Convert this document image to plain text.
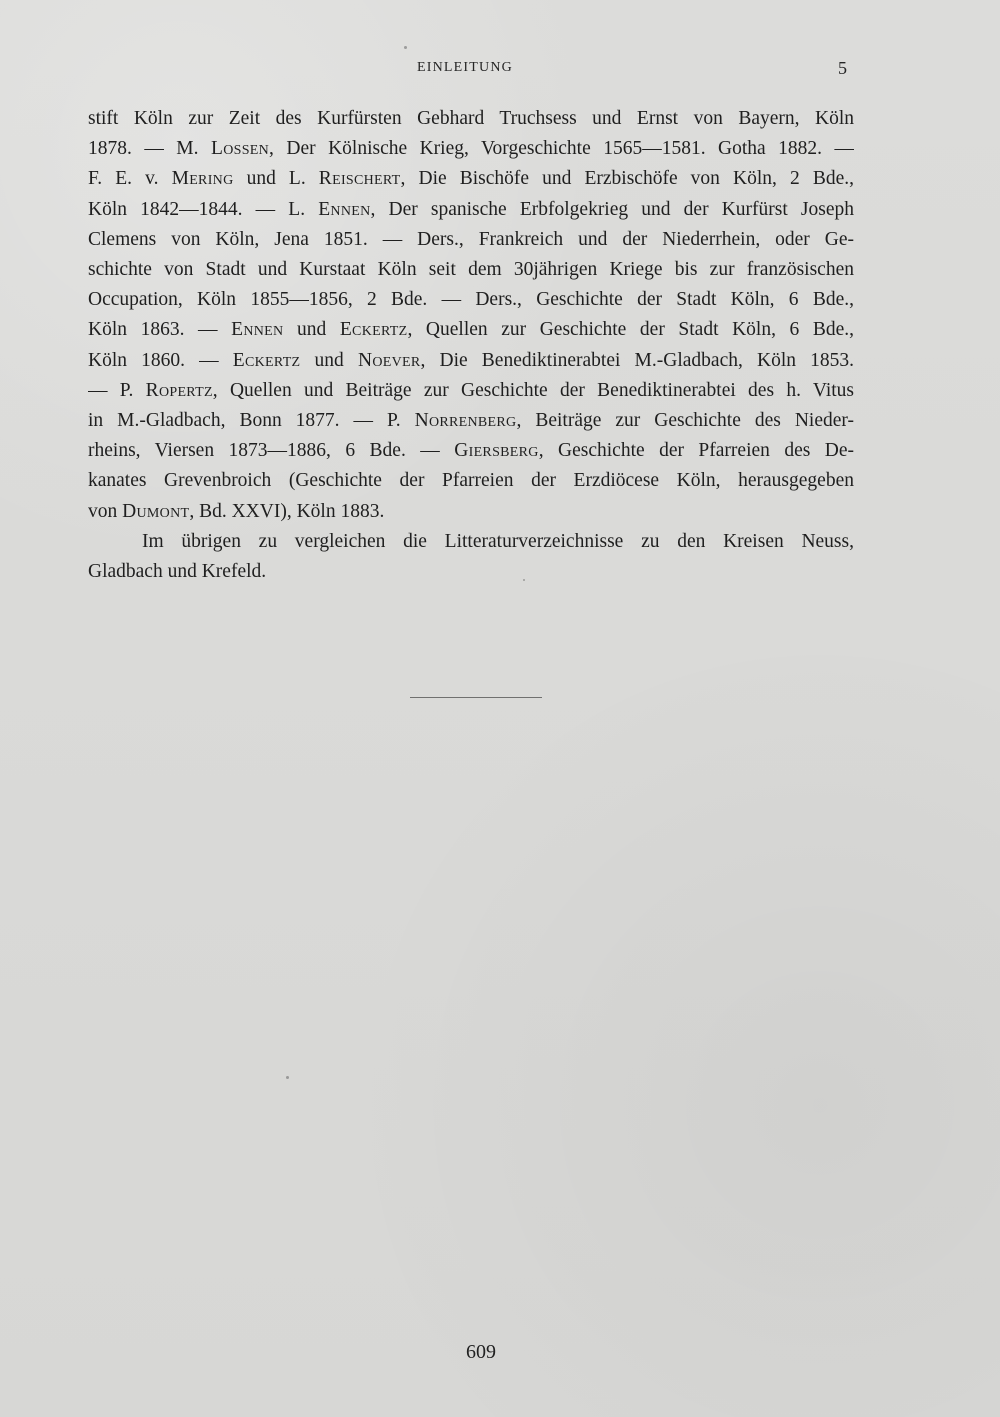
EINLEITUNG	5
stift Köln zur Zeit des Kurfürsten Gebhard Truchsess und Ernst von Bayern, Köln
1878. — M. Lossen, Der Kölnische Krieg, Vorgeschichte 1565—1581. Gotha 1882. —
F. E. v. Mering und L. Reischert, Die Bischöfe und Erzbischöfe von Köln, 2 Bde.,
Köln 1842—1844. — L. Ennen, Der spanische Erbfolgekrieg und der Kurfürst Joseph
Clemens von Köln, Jena 1851. — Ders., Frankreich und der Niederrhein, oder Ge-
schichte von Stadt und Kurstaat Köln seit dem 30jährigen Kriege bis zur französischen
Occupation, Köln 1855—1856, 2 Bde. — Ders., Geschichte der Stadt Köln, 6 Bde.,
Köln 1863. — Ennen und Eckertz, Quellen zur Geschichte der Stadt Köln, 6 Bde.,
Köln 1860. — Eckertz und Noever, Die Benediktinerabtei M.-Gladbach, Köln 1853.
— P. Ropertz, Quellen und Beiträge zur Geschichte der Benediktinerabtei des h. Vitus
in M.-Gladbach, Bonn 1877. — P. Norrenberg, Beiträge zur Geschichte des Nieder-
rheins, Viersen 1873—1886, 6 Bde. — Giersberg, Geschichte der Pfarreien des De-
kanates Grevenbroich (Geschichte der Pfarreien der Erzdiöcese Köln, herausgegeben
von Dumont, Bd. XXVI), Köln 1883.
Im übrigen zu vergleichen die Litteraturverzeichnisse zu den Kreisen Neuss,
Gladbach und Krefeld.
609
